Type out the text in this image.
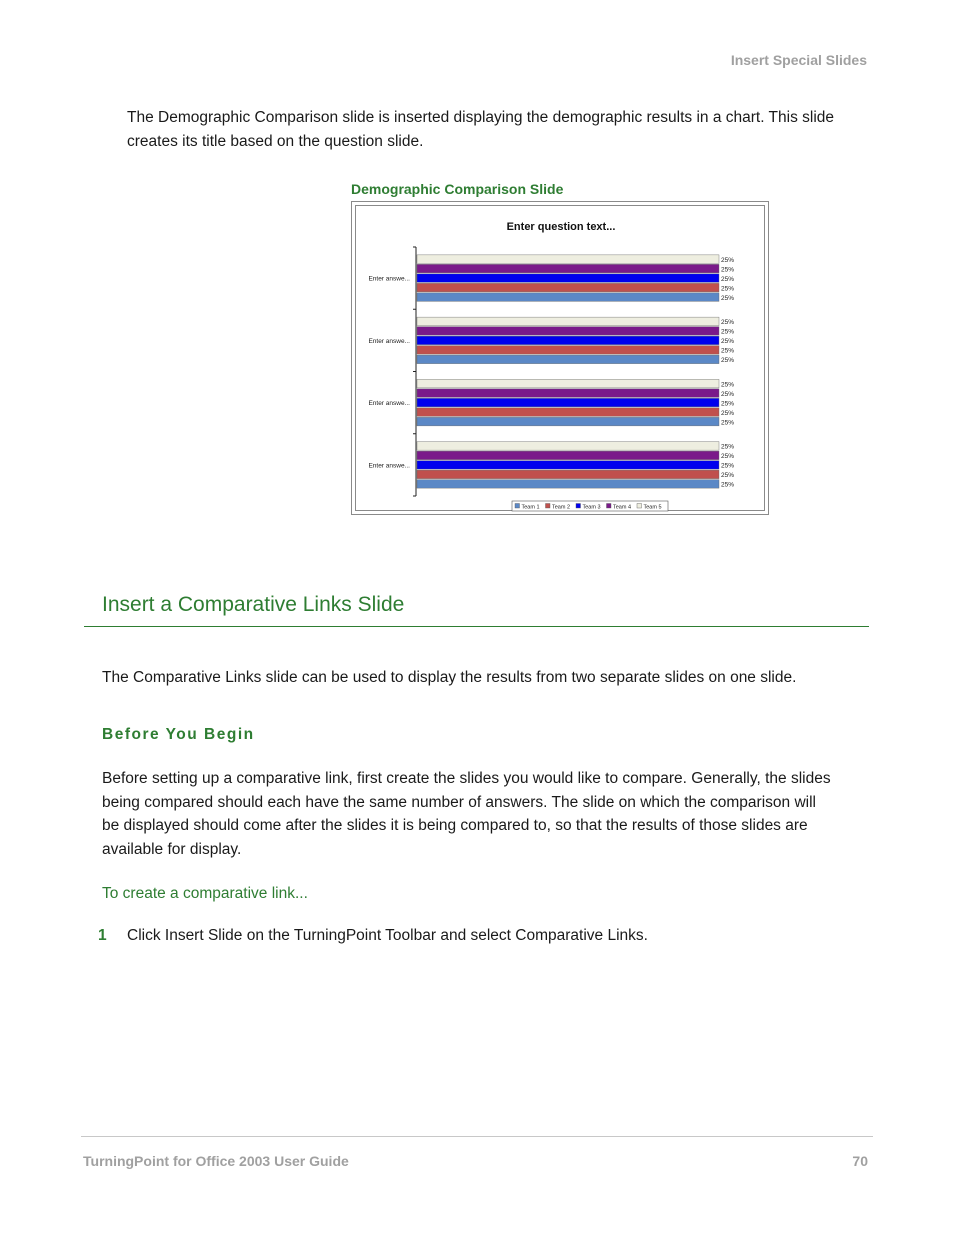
Insert Special Slides
The Demographic Comparison slide is inserted displaying the demographic results in a chart. This slide
creates its title based on the question slide.
Demographic Comparison Slide
Enter question text...
Enter answe...
Enter answe...
Enter answe...
Enter answe...
25%
25%
25%
25%
25%
25%
25%
25%
25%
25%
25%
25%
25%
25%
25%
25%
25%
25%
25%
25%
Team 1 Team 2 Team 3 Team 4 Team 5
Insert a Comparative Links Slide
The Comparative Links slide can be used to display the results from two separate slides on one slide.
Before You Begin
Before setting up a comparative link, first create the slides you would like to compare. Generally, the slides
being compared should each have the same number of answers. The slide on which the comparison will
be displayed should come after the slides it is being compared to, so that the results of those slides are
available for display.
To create a comparative link...
1 Click Insert Slide on the TurningPoint Toolbar and select Comparative Links.
TurningPoint for Office 2003 User Guide	70
